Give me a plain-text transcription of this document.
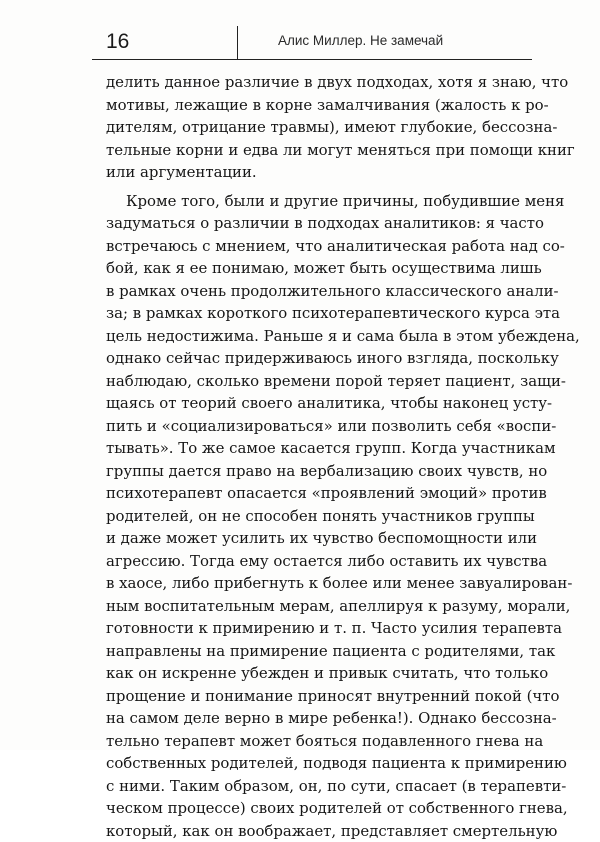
16	Алис Миллер. Не замечай

делить данное различие в двух подходах, хотя я знаю, что
мотивы, лежащие в корне замалчивания (жалость к ро-
дителям, отрицание травмы), имеют глубокие, бессозна-
тельные корни и едва ли могут меняться при помощи книг
или аргументации.
Кроме того, были и другие причины, побудившие меня
задуматься о различии в подходах аналитиков: я часто
встречаюсь с мнением, что аналитическая работа над со-
бой, как я ее понимаю, может быть осуществима лишь
в рамках очень продолжительного классического анали-
за; в рамках короткого психотерапевтического курса эта
цель недостижима. Раньше я и сама была в этом убеждена,
однако сейчас придерживаюсь иного взгляда, поскольку
наблюдаю, сколько времени порой теряет пациент, защи-
щаясь от теорий своего аналитика, чтобы наконец усту-
пить и «социализироваться» или позволить себя «воспи-
тывать». То же самое касается групп. Когда участникам
группы дается право на вербализацию своих чувств, но
психотерапевт опасается «проявлений эмоций» против
родителей, он не способен понять участников группы
и даже может усилить их чувство беспомощности или
агрессию. Тогда ему остается либо оставить их чувства
в хаосе, либо прибегнуть к более или менее завуалирован-
ным воспитательным мерам, апеллируя к разуму, морали,
готовности к примирению и т. п. Часто усилия терапевта
направлены на примирение пациента с родителями, так
как он искренне убежден и привык считать, что только
прощение и понимание приносят внутренний покой (что
на самом деле верно в мире ребенка!). Однако бессозна-
тельно терапевт может бояться подавленного гнева на
собственных родителей, подводя пациента к примирению
с ними. Таким образом, он, по сути, спасает (в терапевти-
ческом процессе) своих родителей от собственного гнева,
который, как он воображает, представляет смертельную
